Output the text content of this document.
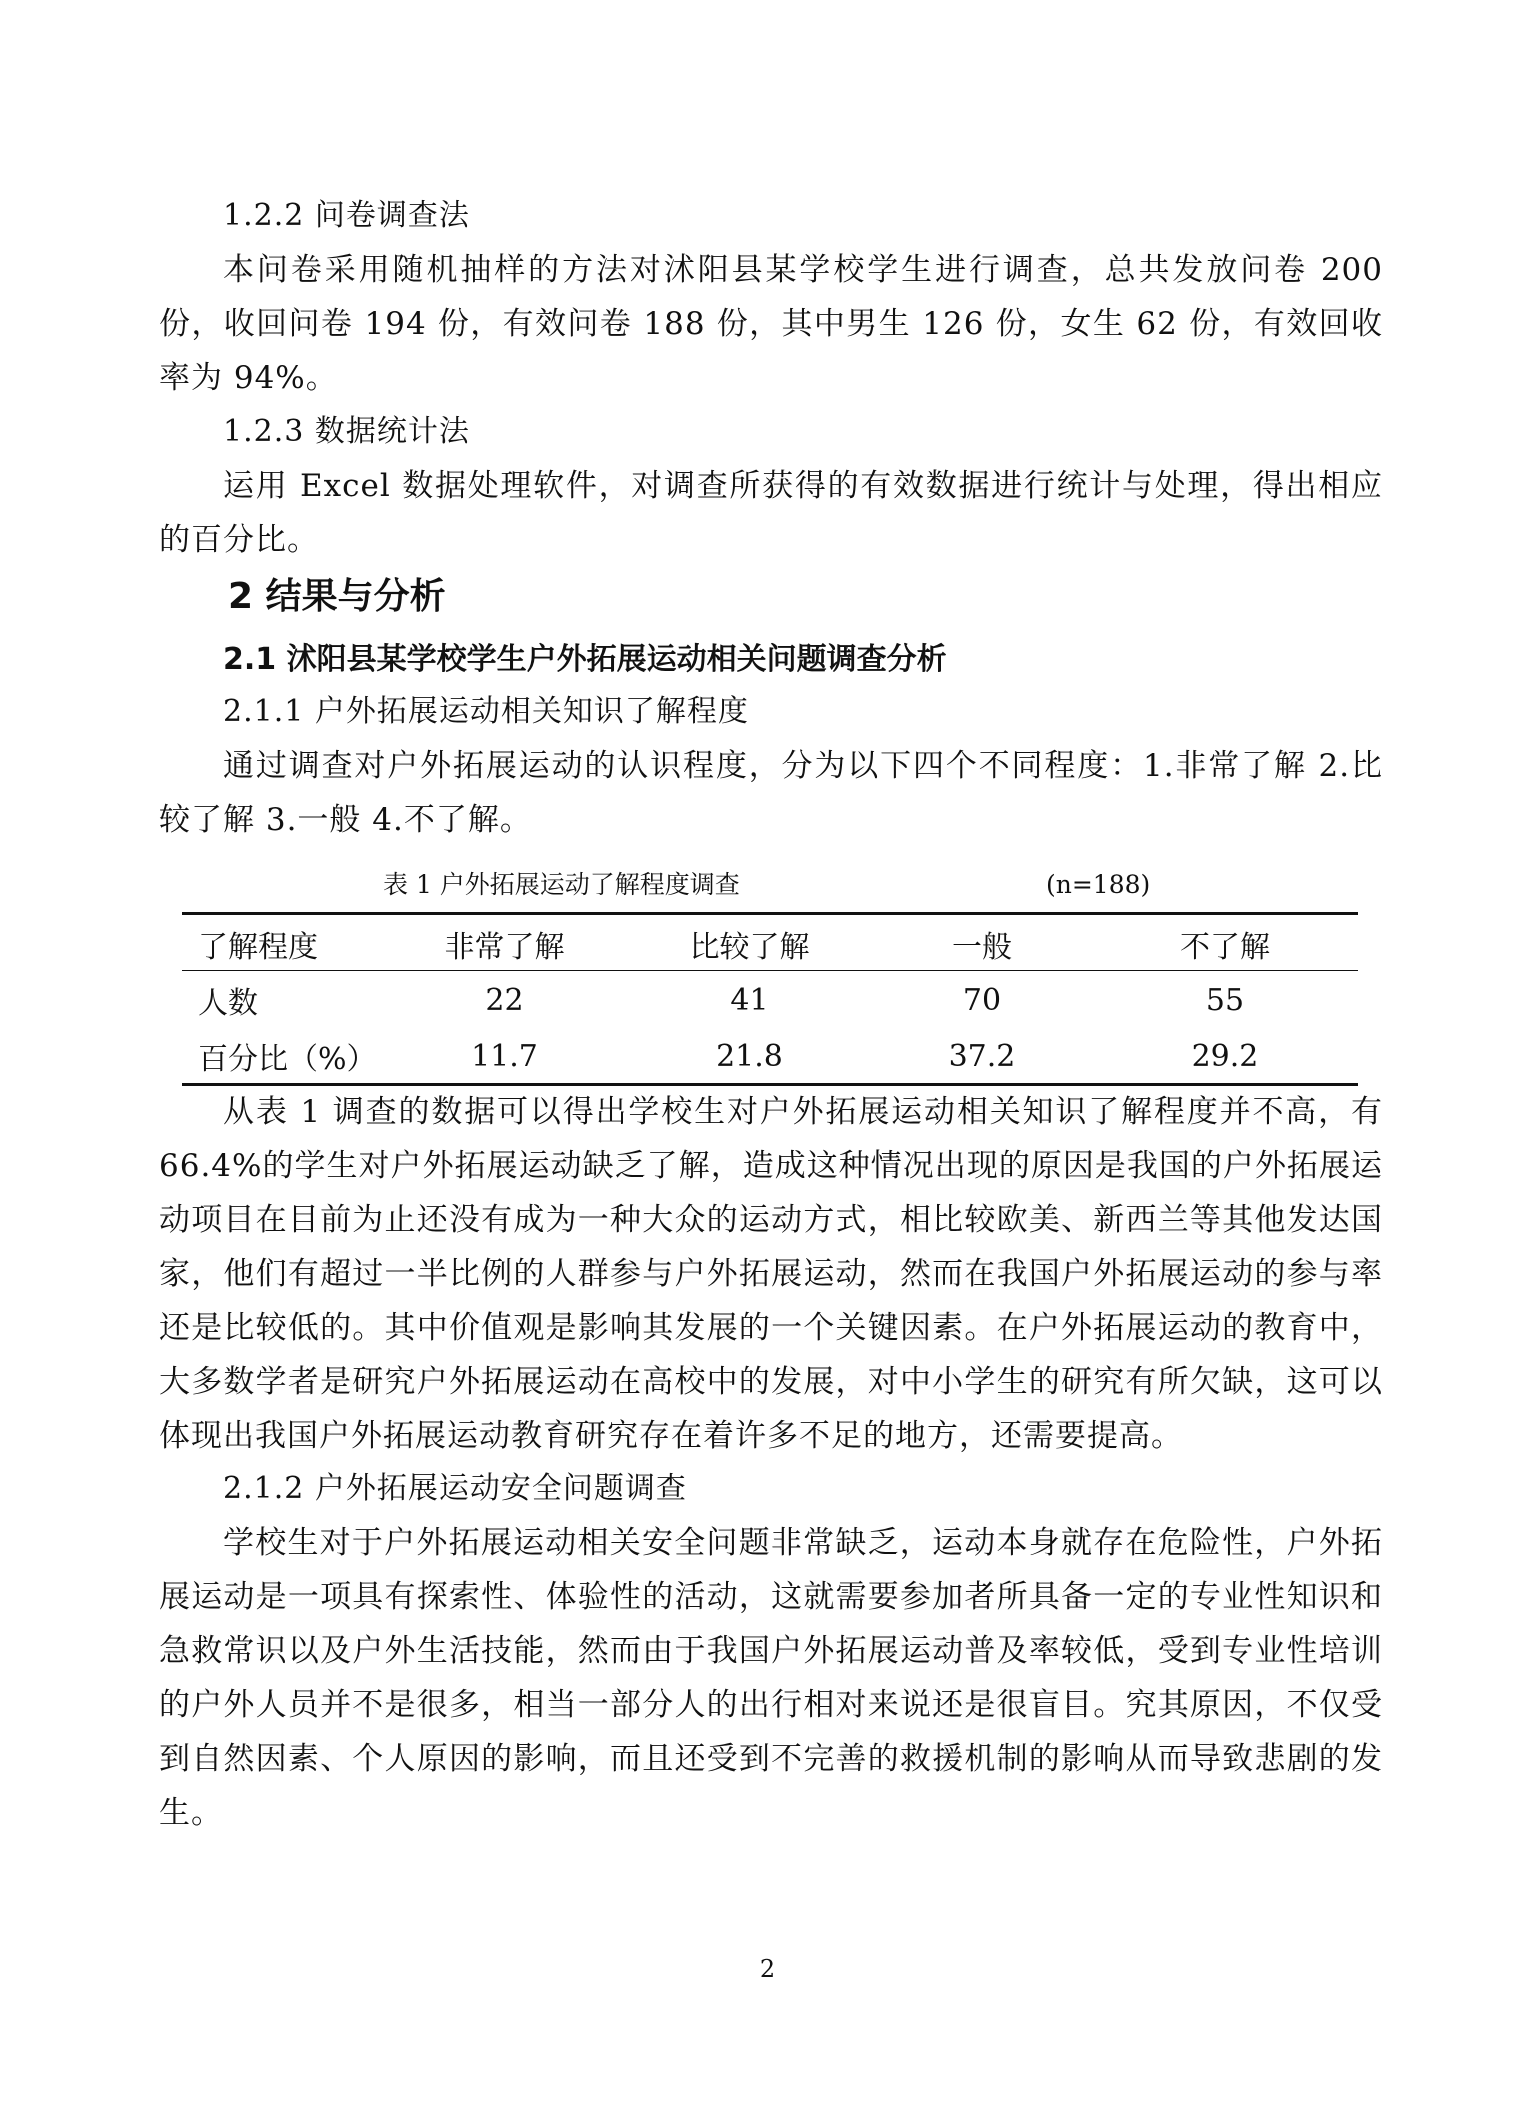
1.2.2 问卷调查法
本问卷采用随机抽样的方法对沭阳县某学校学生进行调查，总共发放问卷 200 份，收回问卷 194 份，有效问卷 188 份，其中男生 126 份，女生 62 份，有效回收率为 94%。
1.2.3 数据统计法
运用 Excel 数据处理软件，对调查所获得的有效数据进行统计与处理，得出相应的百分比。
2 结果与分析
2.1 沭阳县某学校学生户外拓展运动相关问题调查分析
2.1.1 户外拓展运动相关知识了解程度
通过调查对户外拓展运动的认识程度，分为以下四个不同程度：1.非常了解 2.比较了解 3.一般 4.不了解。
表 1 户外拓展运动了解程度调查	(n=188)
了解程度	非常了解	比较了解	一般	不了解
人数	22	41	70	55
百分比（%）	11.7	21.8	37.2	29.2
从表 1 调查的数据可以得出学校生对户外拓展运动相关知识了解程度并不高，有 66.4%的学生对户外拓展运动缺乏了解，造成这种情况出现的原因是我国的户外拓展运动项目在目前为止还没有成为一种大众的运动方式，相比较欧美、新西兰等其他发达国家，他们有超过一半比例的人群参与户外拓展运动，然而在我国户外拓展运动的参与率还是比较低的。其中价值观是影响其发展的一个关键因素。在户外拓展运动的教育中，大多数学者是研究户外拓展运动在高校中的发展，对中小学生的研究有所欠缺，这可以体现出我国户外拓展运动教育研究存在着许多不足的地方，还需要提高。
2.1.2 户外拓展运动安全问题调查
学校生对于户外拓展运动相关安全问题非常缺乏，运动本身就存在危险性，户外拓展运动是一项具有探索性、体验性的活动，这就需要参加者所具备一定的专业性知识和急救常识以及户外生活技能，然而由于我国户外拓展运动普及率较低，受到专业性培训的户外人员并不是很多，相当一部分人的出行相对来说还是很盲目。究其原因，不仅受到自然因素、个人原因的影响，而且还受到不完善的救援机制的影响从而导致悲剧的发生。
2
